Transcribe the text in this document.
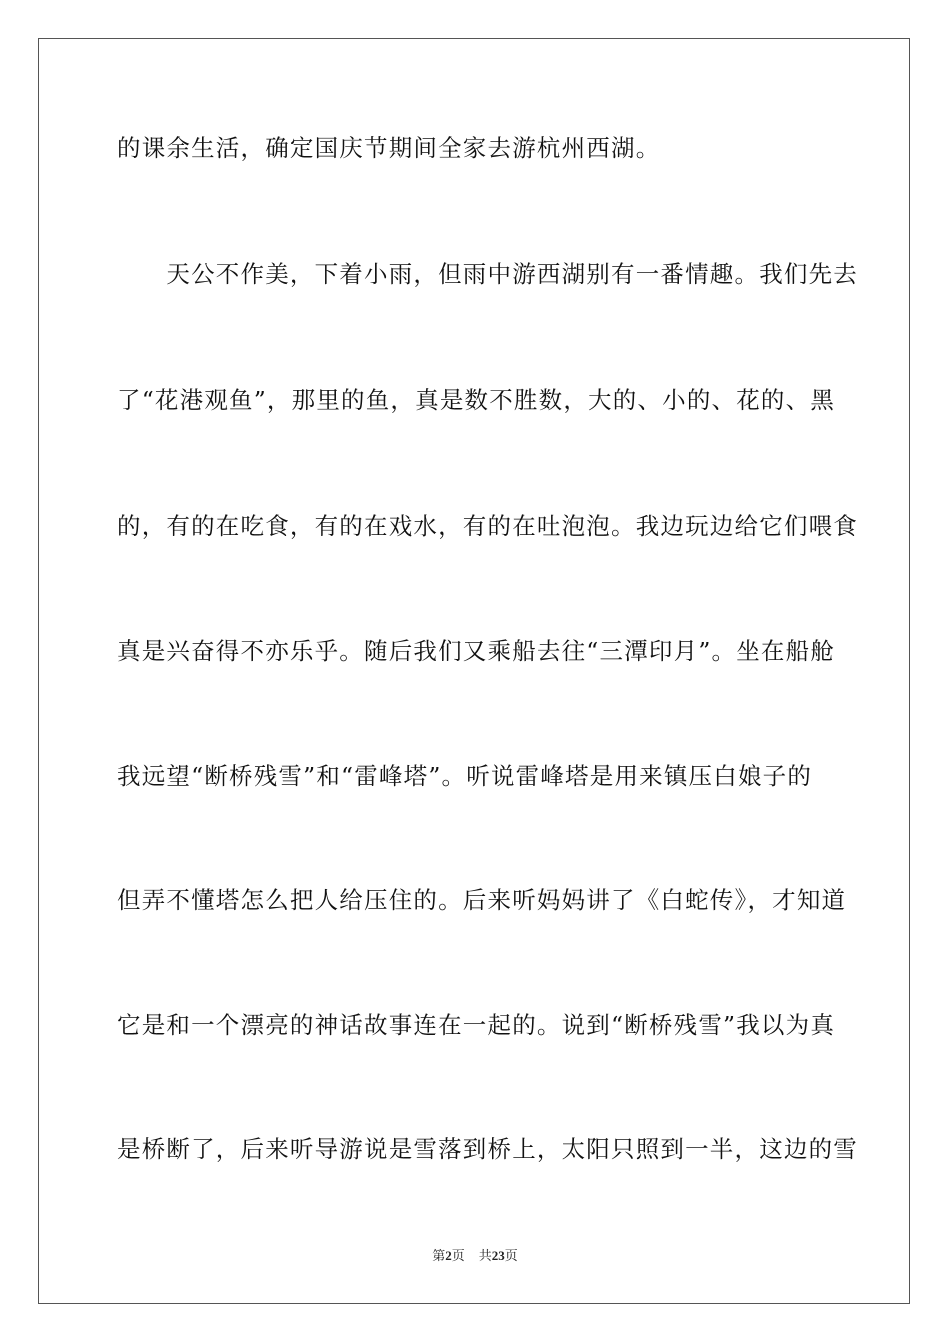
的课余生活，确定国庆节期间全家去游杭州西湖。
　　天公不作美，下着小雨，但雨中游西湖别有一番情趣。我们先去
了“花港观鱼”，那里的鱼，真是数不胜数，大的、小的、花的、黑
的，有的在吃食，有的在戏水，有的在吐泡泡。我边玩边给它们喂食
真是兴奋得不亦乐乎。随后我们又乘船去往“三潭印月”。坐在船舱
我远望“断桥残雪”和“雷峰塔”。听说雷峰塔是用来镇压白娘子的
但弄不懂塔怎么把人给压住的。后来听妈妈讲了《白蛇传》，才知道
它是和一个漂亮的神话故事连在一起的。说到“断桥残雪”我以为真
是桥断了，后来听导游说是雪落到桥上，太阳只照到一半，这边的雪
第2页 共23页
